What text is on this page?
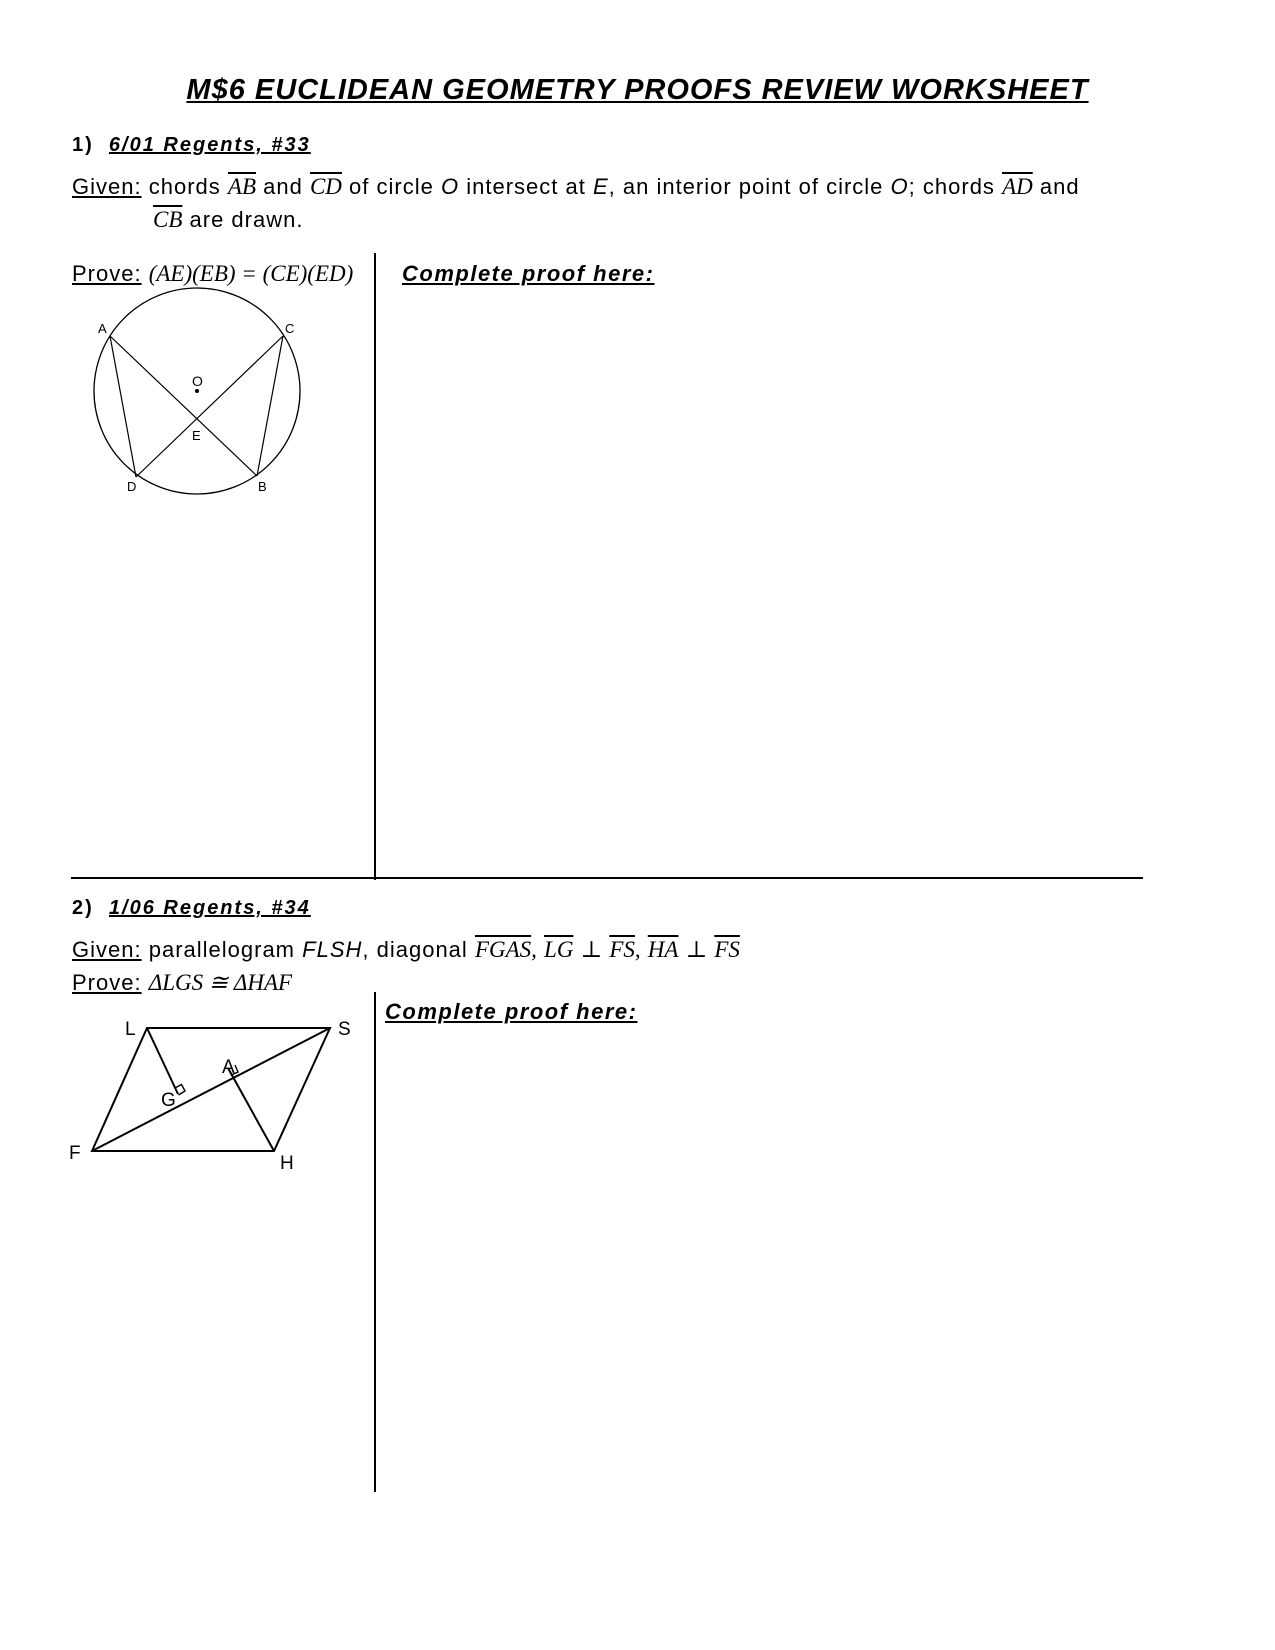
M$6 EUCLIDEAN GEOMETRY PROOFS REVIEW WORKSHEET
1) 6/01 Regents, #33
Given: chords $\overline{AB}$ and $\overline{CD}$ of circle O intersect at E, an interior point of circle O; chords $\overline{AD}$ and
$\overline{CB}$ are drawn.
Prove: (AE)(EB) = (CE)(ED) Complete proof here:
A	C
O
E
D	B
2) 1/06 Regents, #34
Given: parallelogram FLSH, diagonal FGAS, $\overline{LG}$ ⊥ $\overline{FS}$, $\overline{HA}$ ⊥ $\overline{FS}$
Prove: ΔLGS ≅ ΔHAF
Complete proof here:
L	S
A
G
F	H
